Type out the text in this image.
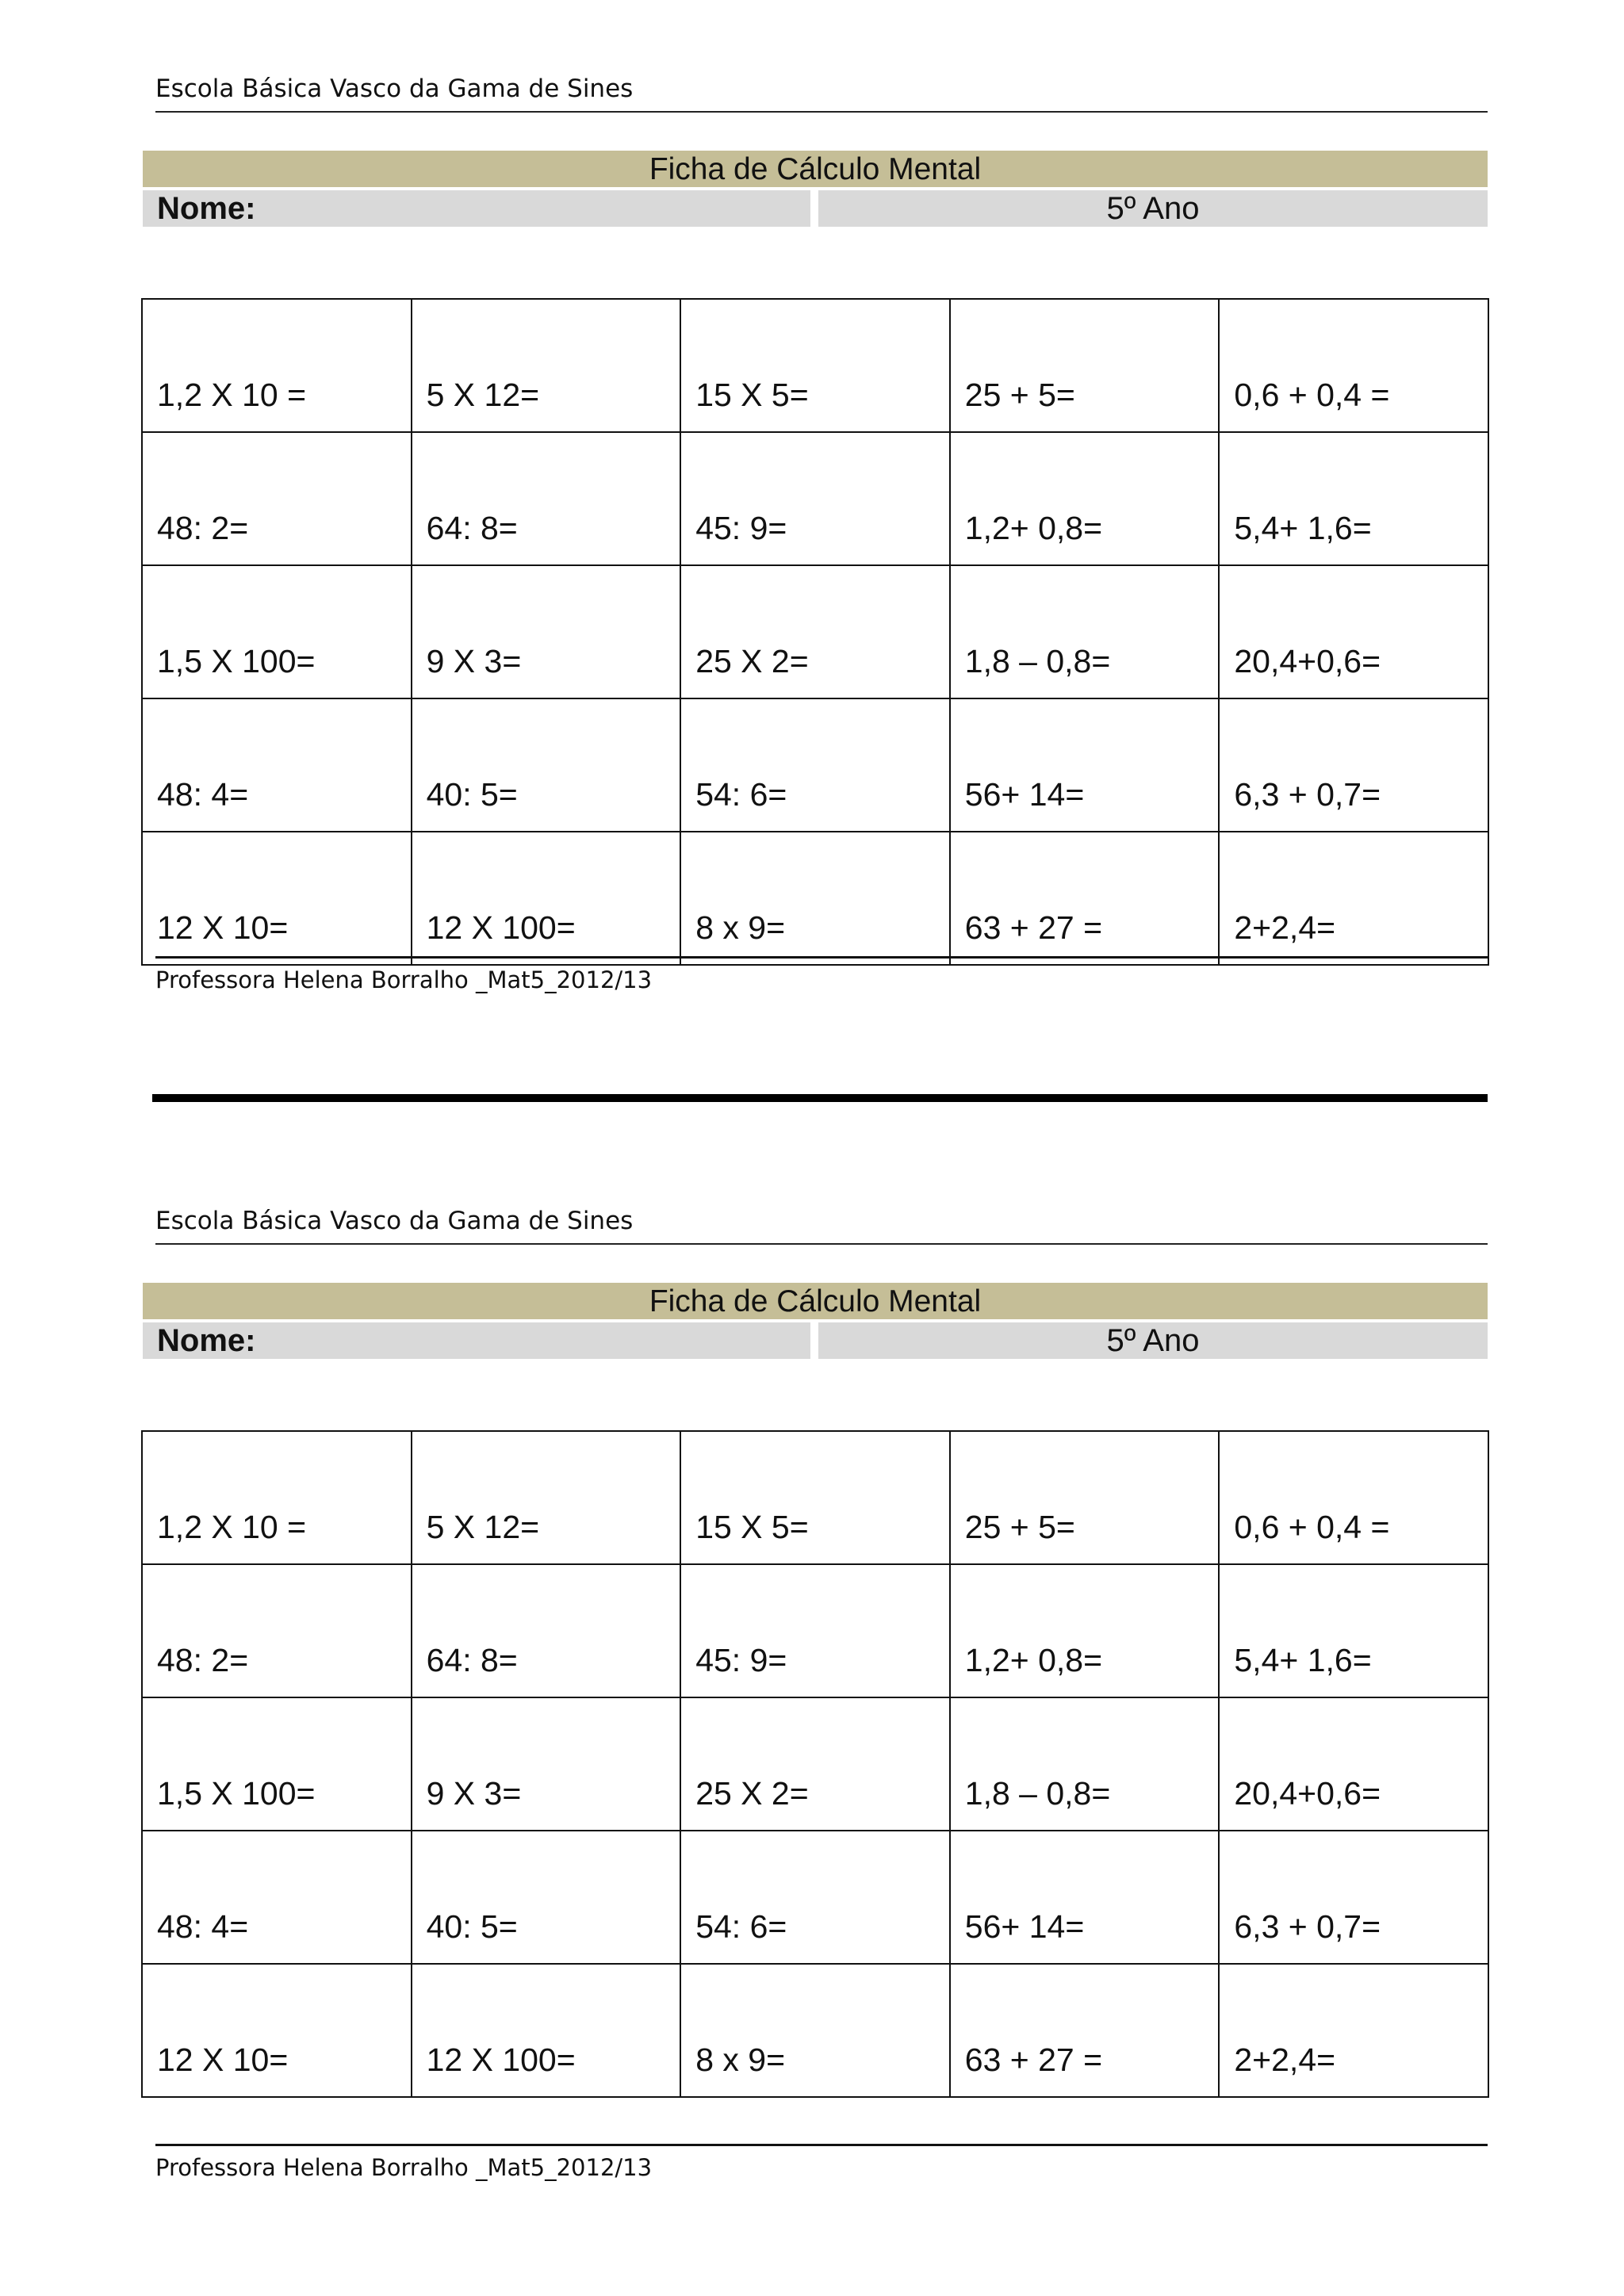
Escola Básica Vasco da Gama de Sines
Ficha de Cálculo Mental
Nome:	5º Ano
1,2 X 10 =	5 X 12=	15 X 5=	25 + 5=	0,6 + 0,4 =
48: 2=	64: 8=	45: 9=	1,2+ 0,8=	5,4+ 1,6=
1,5 X 100=	9 X 3=	25 X 2=	1,8 – 0,8=	20,4+0,6=
48: 4=	40: 5=	54: 6=	56+ 14=	6,3 + 0,7=
12 X 10=	12 X 100=	8 x 9=	63 + 27 =	2+2,4=
Professora Helena Borralho _Mat5_2012/13
Escola Básica Vasco da Gama de Sines
Ficha de Cálculo Mental
Nome:	5º Ano
1,2 X 10 =	5 X 12=	15 X 5=	25 + 5=	0,6 + 0,4 =
48: 2=	64: 8=	45: 9=	1,2+ 0,8=	5,4+ 1,6=
1,5 X 100=	9 X 3=	25 X 2=	1,8 – 0,8=	20,4+0,6=
48: 4=	40: 5=	54: 6=	56+ 14=	6,3 + 0,7=
12 X 10=	12 X 100=	8 x 9=	63 + 27 =	2+2,4=
Professora Helena Borralho _Mat5_2012/13
